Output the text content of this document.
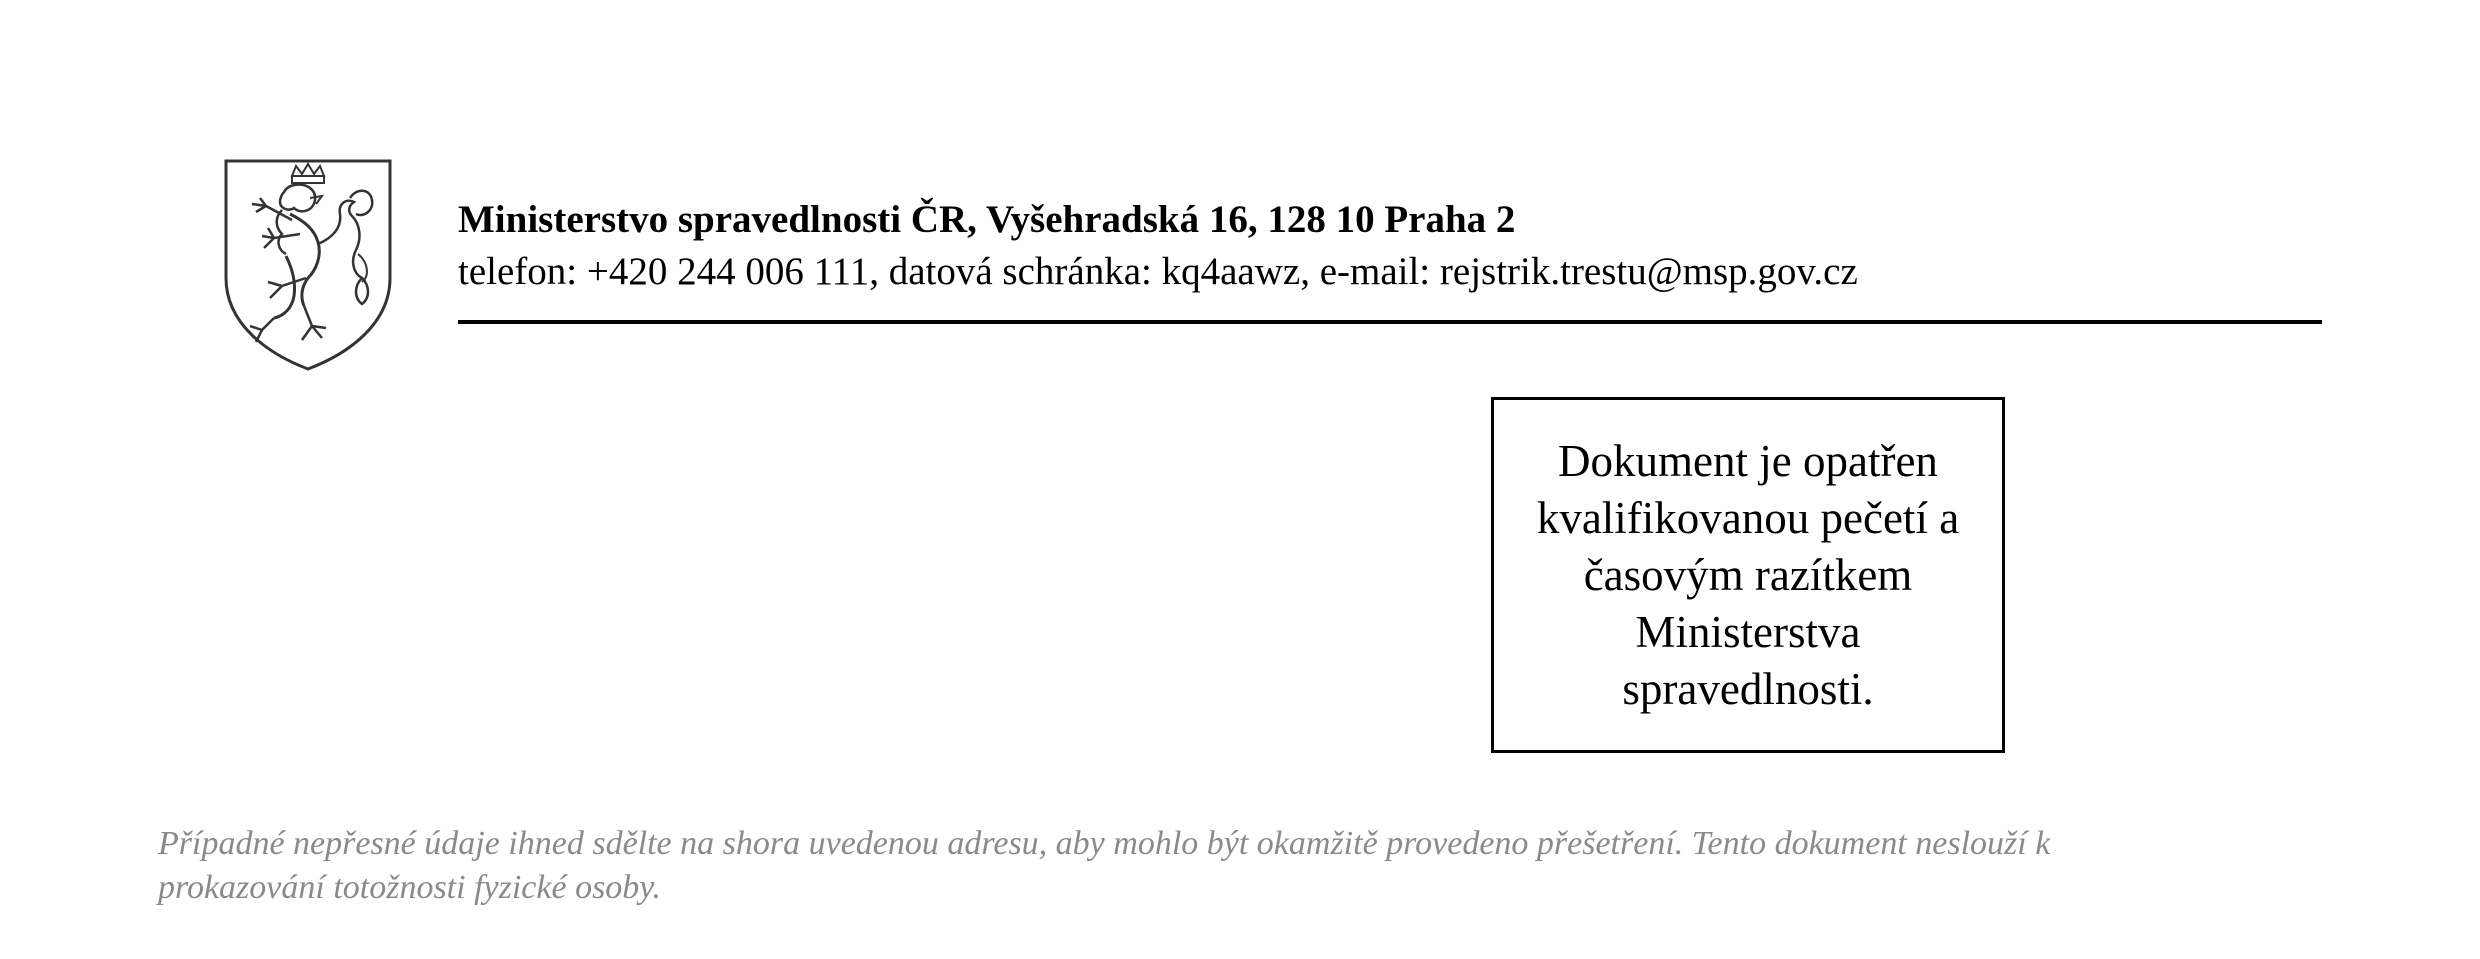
Ministerstvo spravedlnosti ČR, Vyšehradská 16, 128 10 Praha 2
telefon: +420 244 006 111, datová schránka: kq4aawz, e-mail: rejstrik.trestu@msp.gov.cz
Dokument je opatřen
kvalifikovanou pečetí a
časovým razítkem
Ministerstva
spravedlnosti.
Případné nepřesné údaje ihned sdělte na shora uvedenou adresu, aby mohlo být okamžitě provedeno přešetření. Tento dokument neslouží k
prokazování totožnosti fyzické osoby.
